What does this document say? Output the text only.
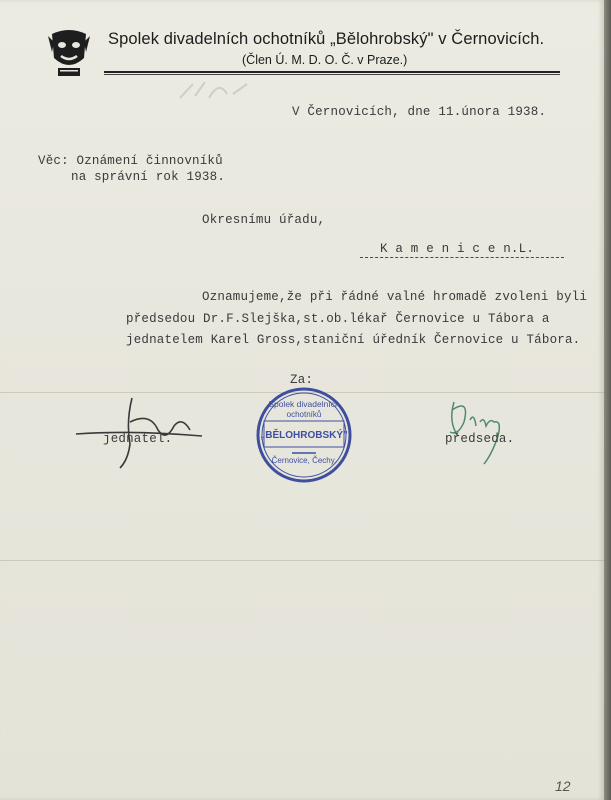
Spolek divadelních ochotníků „Bělohrobský" v Černovicích.
(Člen Ú. M. D. O. Č. v Praze.)
V Černovicích, dne 11.února 1938.
Věc: Oznámení činnovníků
na správní rok 1938.
Okresnímu úřadu,
K a m e n i c e n.L.
Oznamujeme,že při řádné valné hromadě zvoleni byli
předsedou Dr.F.Slejška,st.ob.lékař Černovice u Tábora a
jednatelem Karel Gross,staniční úředník Černovice u Tábora.
Za:
jednatel.
Spolek divadelních
ochotníků
„BĚLOHROBSKÝ"
Černovice, Čechy.
předseda.
12
